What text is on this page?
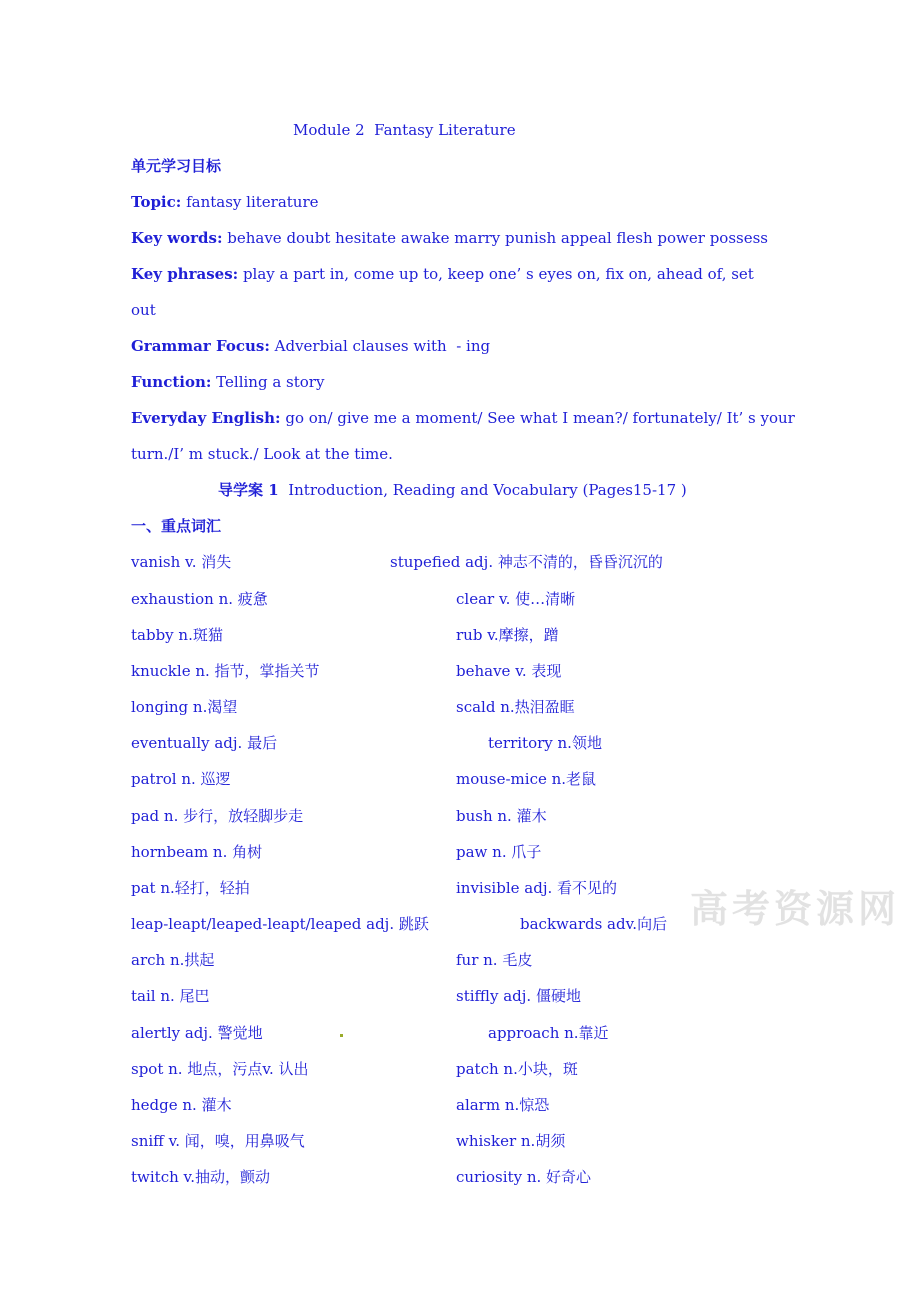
Module 2  Fantasy Literature
单元学习目标
Topic: fantasy literature
Key words: behave doubt hesitate awake marry punish appeal flesh power possess
Key phrases: play a part in, come up to, keep one’ s eyes on, fix on, ahead of, set
out
Grammar Focus: Adverbial clauses with  - ing
Function: Telling a story
Everyday English: go on/ give me a moment/ See what I mean?/ fortunately/ It’ s your
turn./I’ m stuck./ Look at the time.
导学案 1  Introduction, Reading and Vocabulary (Pages15-17 )
一、重点词汇
vanish v. 消失
exhaustion n. 疲惫
tabby n.斑猫
knuckle n. 指节，掌指关节
longing n.渴望
eventually adj. 最后
patrol n. 巡逻
pad n. 步行，放轻脚步走
hornbeam n. 角树
pat n.轻打，轻拍
leap-leapt/leaped-leapt/leaped adj. 跳跃
arch n.拱起
tail n. 尾巴
alertly adj. 警觉地
spot n. 地点，污点v. 认出
hedge n. 灌木
sniff v. 闻，嗅，用鼻吸气
twitch v.抽动，颤动
stupefied adj. 神志不清的，昏昏沉沉的
clear v. 使…清晰
rub v.摩擦，蹭
behave v. 表现
scald n.热泪盈眶
territory n.领地
mouse-mice n.老鼠
bush n. 灌木
paw n. 爪子
invisible adj. 看不见的
backwards adv.向后
fur n. 毛皮
stiffly adj. 僵硬地
approach n.靠近
patch n.小块，斑
alarm n.惊恐
whisker n.胡须
curiosity n. 好奇心
高考资源网
